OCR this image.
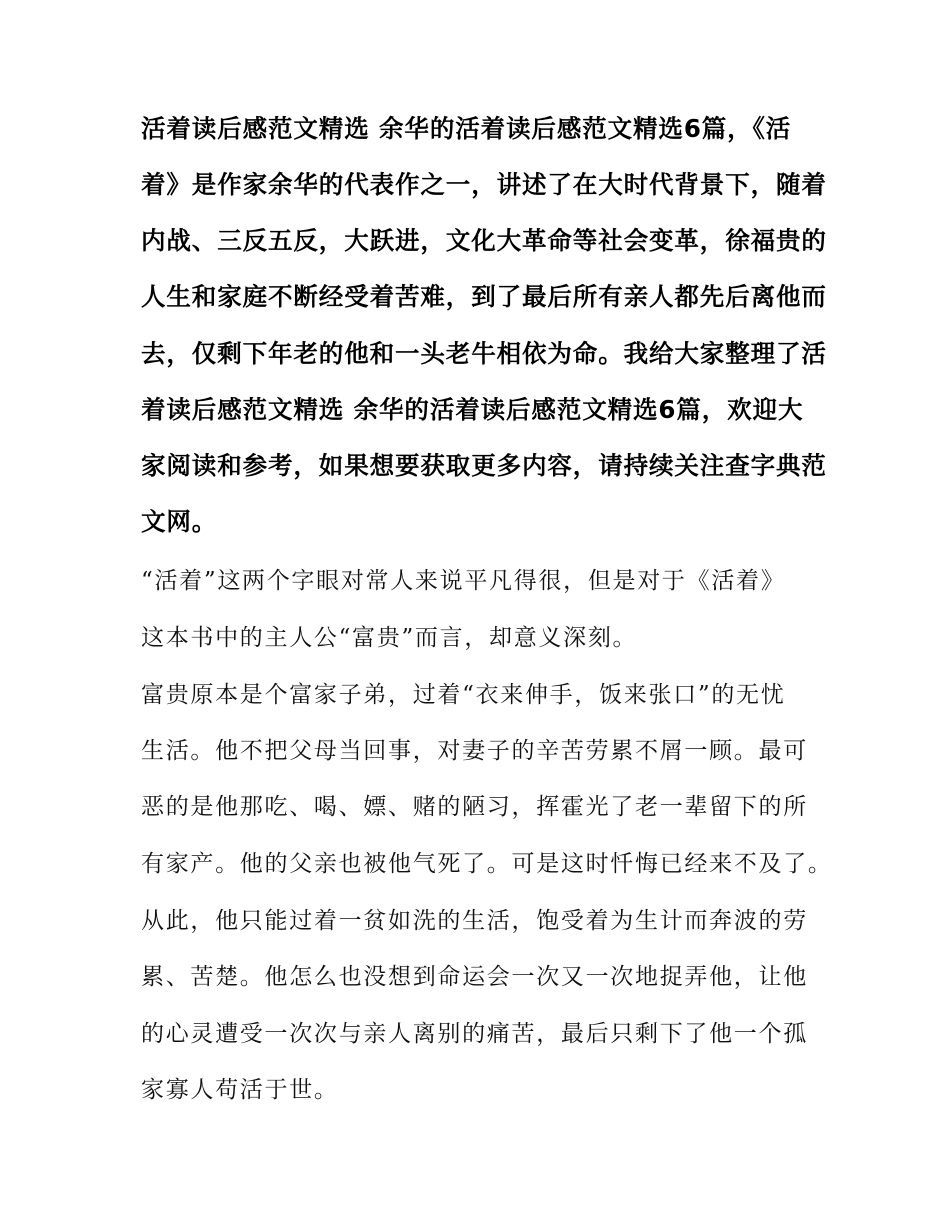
活着读后感范文精选 余华的活着读后感范文精选6篇，《活
着》是作家余华的代表作之一，讲述了在大时代背景下，随着
内战、三反五反，大跃进，文化大革命等社会变革，徐福贵的
人生和家庭不断经受着苦难，到了最后所有亲人都先后离他而
去，仅剩下年老的他和一头老牛相依为命。我给大家整理了活
着读后感范文精选 余华的活着读后感范文精选6篇，欢迎大
家阅读和参考，如果想要获取更多内容，请持续关注查字典范
文网。
“活着”这两个字眼对常人来说平凡得很，但是对于《活着》
这本书中的主人公“富贵”而言，却意义深刻。
富贵原本是个富家子弟，过着“衣来伸手，饭来张口”的无忧
生活。他不把父母当回事，对妻子的辛苦劳累不屑一顾。最可
恶的是他那吃、喝、嫖、赌的陋习，挥霍光了老一辈留下的所
有家产。他的父亲也被他气死了。可是这时忏悔已经来不及了。
从此，他只能过着一贫如洗的生活，饱受着为生计而奔波的劳
累、苦楚。他怎么也没想到命运会一次又一次地捉弄他，让他
的心灵遭受一次次与亲人离别的痛苦，最后只剩下了他一个孤
家寡人苟活于世。
